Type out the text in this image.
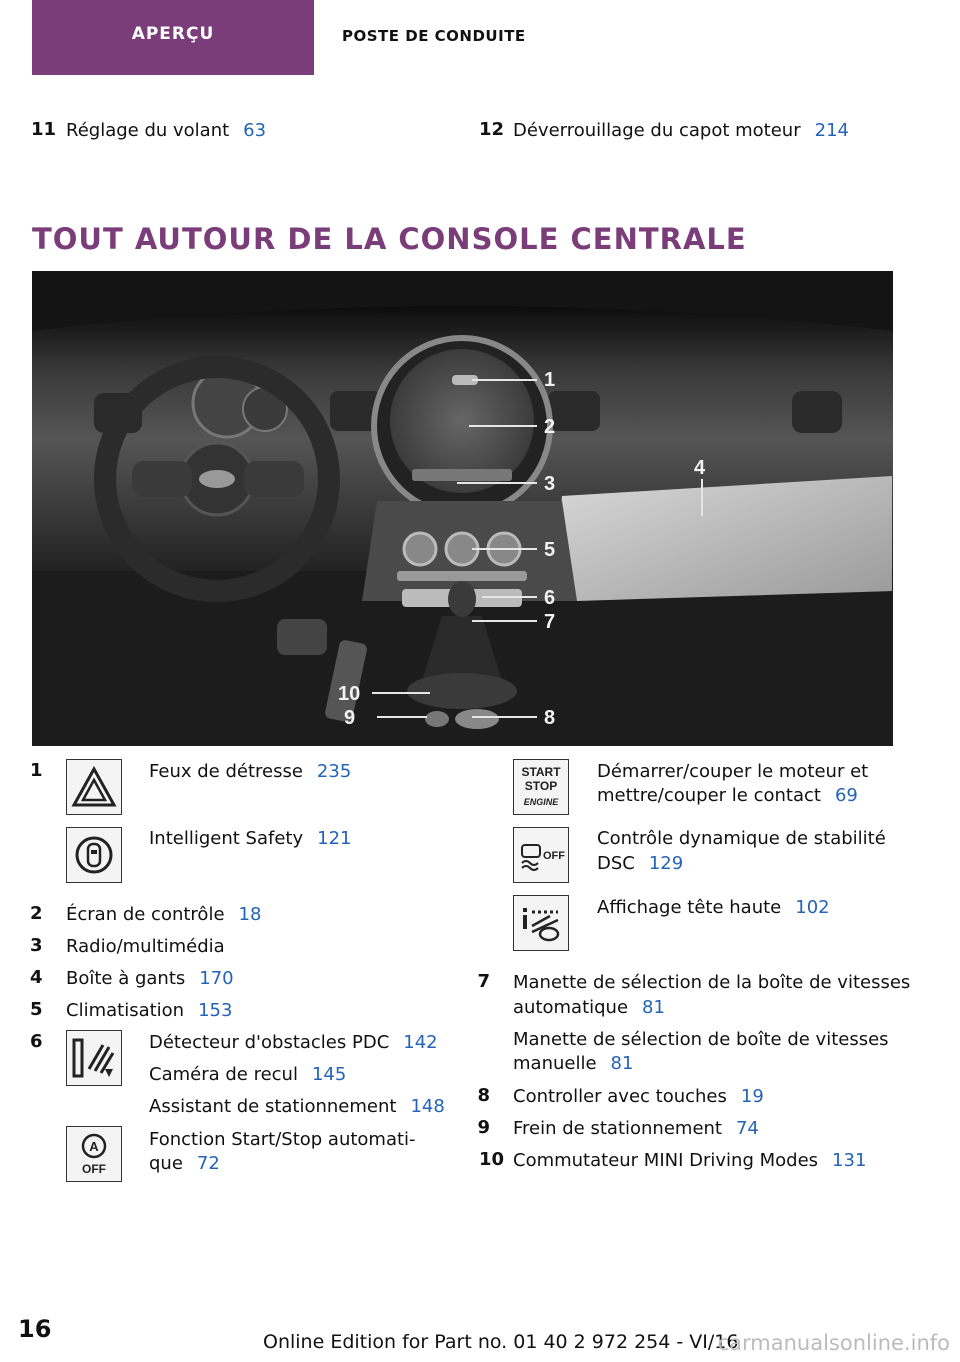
APERÇU	POSTE DE CONDUITE
11 Réglage du volant 63	12 Déverrouillage du capot moteur 214
TOUT AUTOUR DE LA CONSOLE CENTRALE
1
2
3
4
5
6
7
8
9
10
1	Feux de détresse 235
Intelligent Safety 121
2 Écran de contrôle 18
3 Radio/multimédia
4 Boîte à gants 170
5 Climatisation 153
6	Détecteur d'obstacles PDC 142
Caméra de recul 145
Assistant de stationnement 148
A
OFF
Fonction Start/Stop automati-
que 72
START
STOP
ENGINE
Démarrer/couper le moteur et
mettre/couper le contact 69
OFF
Contrôle dynamique de stabilité
DSC 129
Affichage tête haute 102
7 Manette de sélection de la boîte de vitesses
automatique 81
Manette de sélection de boîte de vitesses
manuelle 81
8 Controller avec touches 19
9 Frein de stationnement 74
10 Commutateur MINI Driving Modes 131
16	Online Edition for Part no. 01 40 2 972 254 - VI/16
carmanualsonline.info
